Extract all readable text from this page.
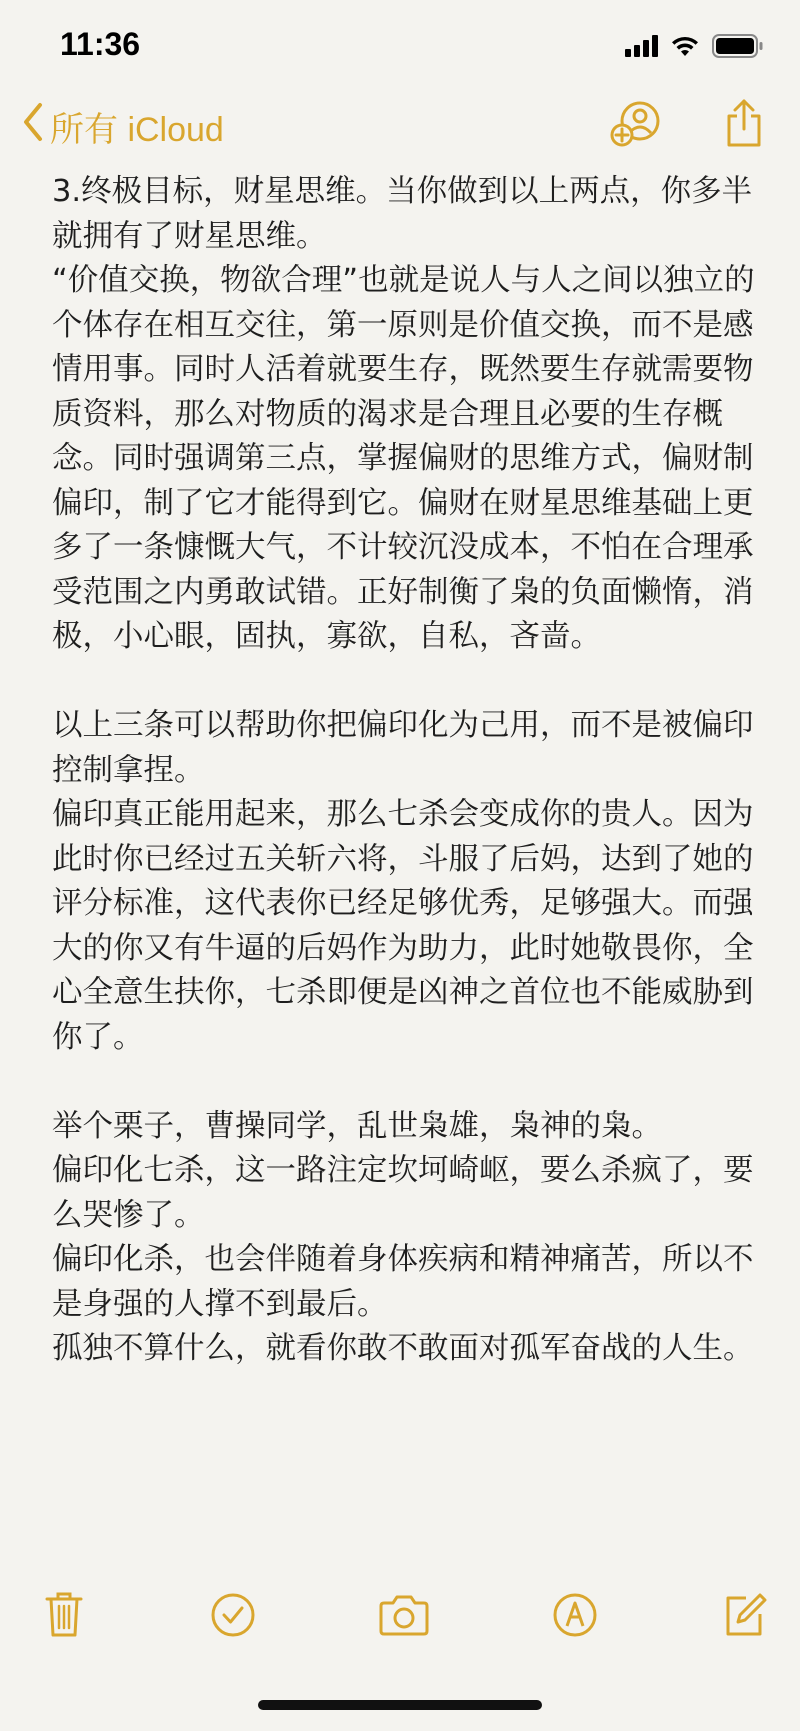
11:36
所有 iCloud

3.终极目标，财星思维。当你做到以上两点，你多半就拥有了财星思维。

“价值交换，物欲合理”也就是说人与人之间以独立的个体存在相互交往，第一原则是价值交换，而不是感情用事。同时人活着就要生存，既然要生存就需要物质资料，那么对物质的渴求是合理且必要的生存概念。同时强调第三点，掌握偏财的思维方式，偏财制偏印，制了它才能得到它。偏财在财星思维基础上更多了一条慷慨大气，不计较沉没成本，不怕在合理承受范围之内勇敢试错。正好制衡了枭的负面懒惰，消极，小心眼，固执，寡欲，自私，吝啬。

以上三条可以帮助你把偏印化为己用，而不是被偏印控制拿捏。

偏印真正能用起来，那么七杀会变成你的贵人。因为此时你已经过五关斩六将，斗服了后妈，达到了她的评分标准，这代表你已经足够优秀，足够强大。而强大的你又有牛逼的后妈作为助力，此时她敬畏你，全心全意生扶你，七杀即便是凶神之首位也不能威胁到你了。

举个栗子，曹操同学，乱世枭雄，枭神的枭。

偏印化七杀，这一路注定坎坷崎岖，要么杀疯了，要么哭惨了。

偏印化杀，也会伴随着身体疾病和精神痛苦，所以不是身强的人撑不到最后。

孤独不算什么，就看你敢不敢面对孤军奋战的人生。
